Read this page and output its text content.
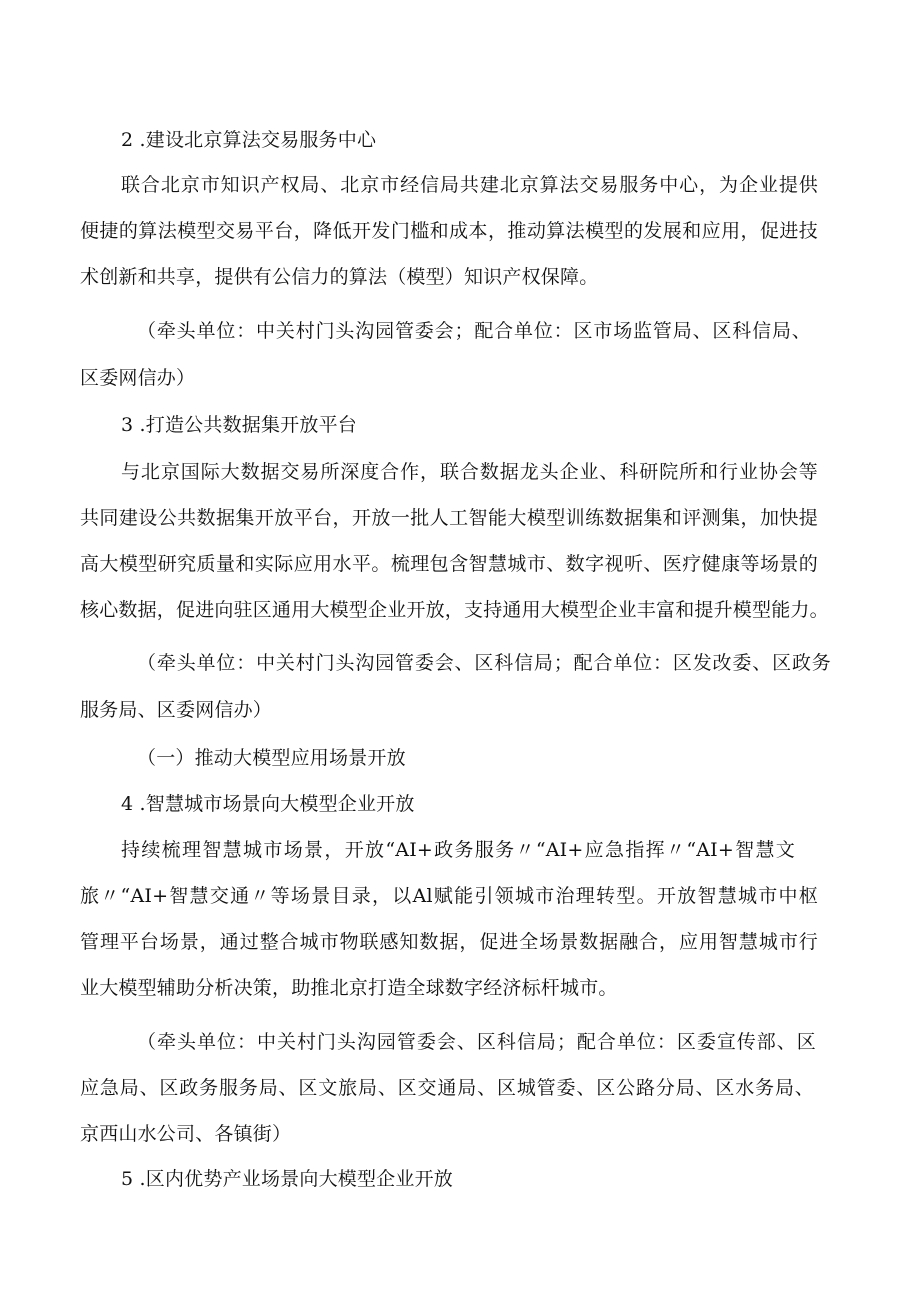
2 .建设北京算法交易服务中心
联合北京市知识产权局、北京市经信局共建北京算法交易服务中心，为企业提供
便捷的算法模型交易平台，降低开发门槛和成本，推动算法模型的发展和应用，促进技
术创新和共享，提供有公信力的算法（模型）知识产权保障。
（牵头单位：中关村门头沟园管委会；配合单位：区市场监管局、区科信局、
区委网信办）
3 .打造公共数据集开放平台
与北京国际大数据交易所深度合作，联合数据龙头企业、科研院所和行业协会等
共同建设公共数据集开放平台，开放一批人工智能大模型训练数据集和评测集，加快提
高大模型研究质量和实际应用水平。梳理包含智慧城市、数字视听、医疗健康等场景的
核心数据，促进向驻区通用大模型企业开放，支持通用大模型企业丰富和提升模型能力。
（牵头单位：中关村门头沟园管委会、区科信局；配合单位：区发改委、区政务
服务局、区委网信办）
（一）推动大模型应用场景开放
4 .智慧城市场景向大模型企业开放
持续梳理智慧城市场景，开放“AI+政务服务〃“AI+应急指挥〃“AI+智慧文
旅〃“AI+智慧交通〃等场景目录，以Al赋能引领城市治理转型。开放智慧城市中枢
管理平台场景，通过整合城市物联感知数据，促进全场景数据融合，应用智慧城市行
业大模型辅助分析决策，助推北京打造全球数字经济标杆城市。
（牵头单位：中关村门头沟园管委会、区科信局；配合单位：区委宣传部、区
应急局、区政务服务局、区文旅局、区交通局、区城管委、区公路分局、区水务局、
京西山水公司、各镇街）
5 .区内优势产业场景向大模型企业开放
